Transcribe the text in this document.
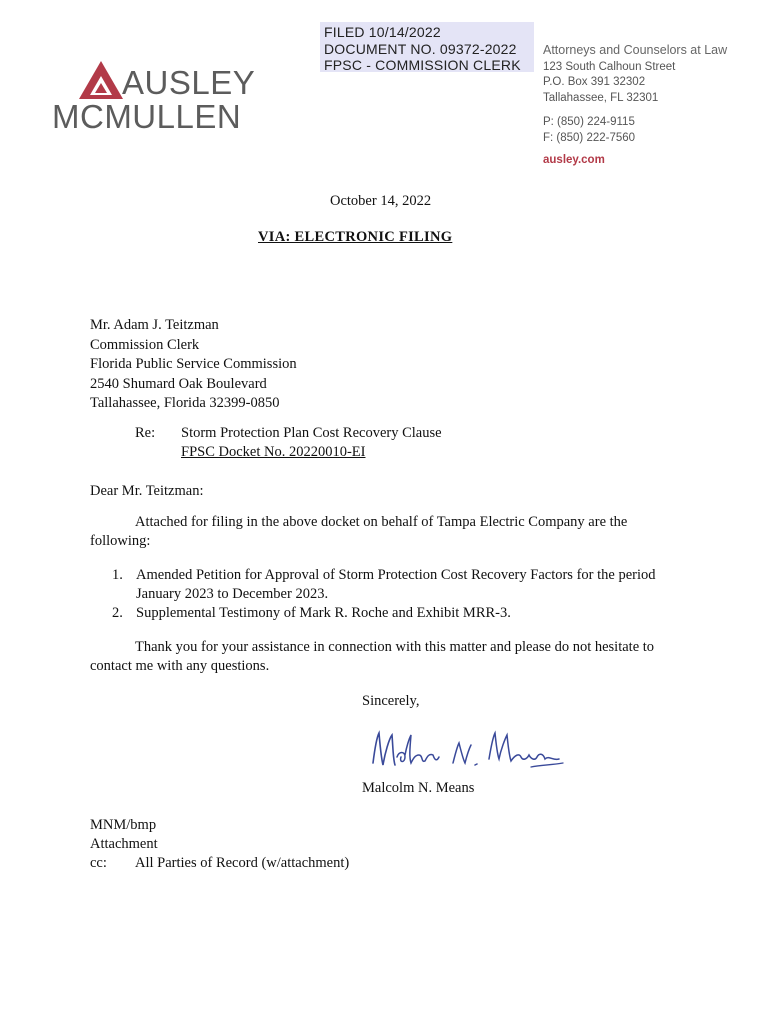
FILED 10/14/2022
DOCUMENT NO. 09372-2022
FPSC - COMMISSION CLERK
AUSLEY
MCMULLEN
Attorneys and Counselors at Law
123 South Calhoun Street
P.O. Box 391 32302
Tallahassee, FL 32301
P: (850) 224-9115
F: (850) 222-7560
ausley.com
October 14, 2022
VIA: ELECTRONIC FILING
Mr. Adam J. Teitzman
Commission Clerk
Florida Public Service Commission
2540 Shumard Oak Boulevard
Tallahassee, Florida 32399-0850
Re: Storm Protection Plan Cost Recovery Clause
FPSC Docket No. 20220010-EI
Dear Mr. Teitzman:
Attached for filing in the above docket on behalf of Tampa Electric Company are the following:
1. Amended Petition for Approval of Storm Protection Cost Recovery Factors for the period January 2023 to December 2023.
2. Supplemental Testimony of Mark R. Roche and Exhibit MRR-3.
Thank you for your assistance in connection with this matter and please do not hesitate to contact me with any questions.
Sincerely,
Malcolm N. Means
MNM/bmp
Attachment
cc: All Parties of Record (w/attachment)
